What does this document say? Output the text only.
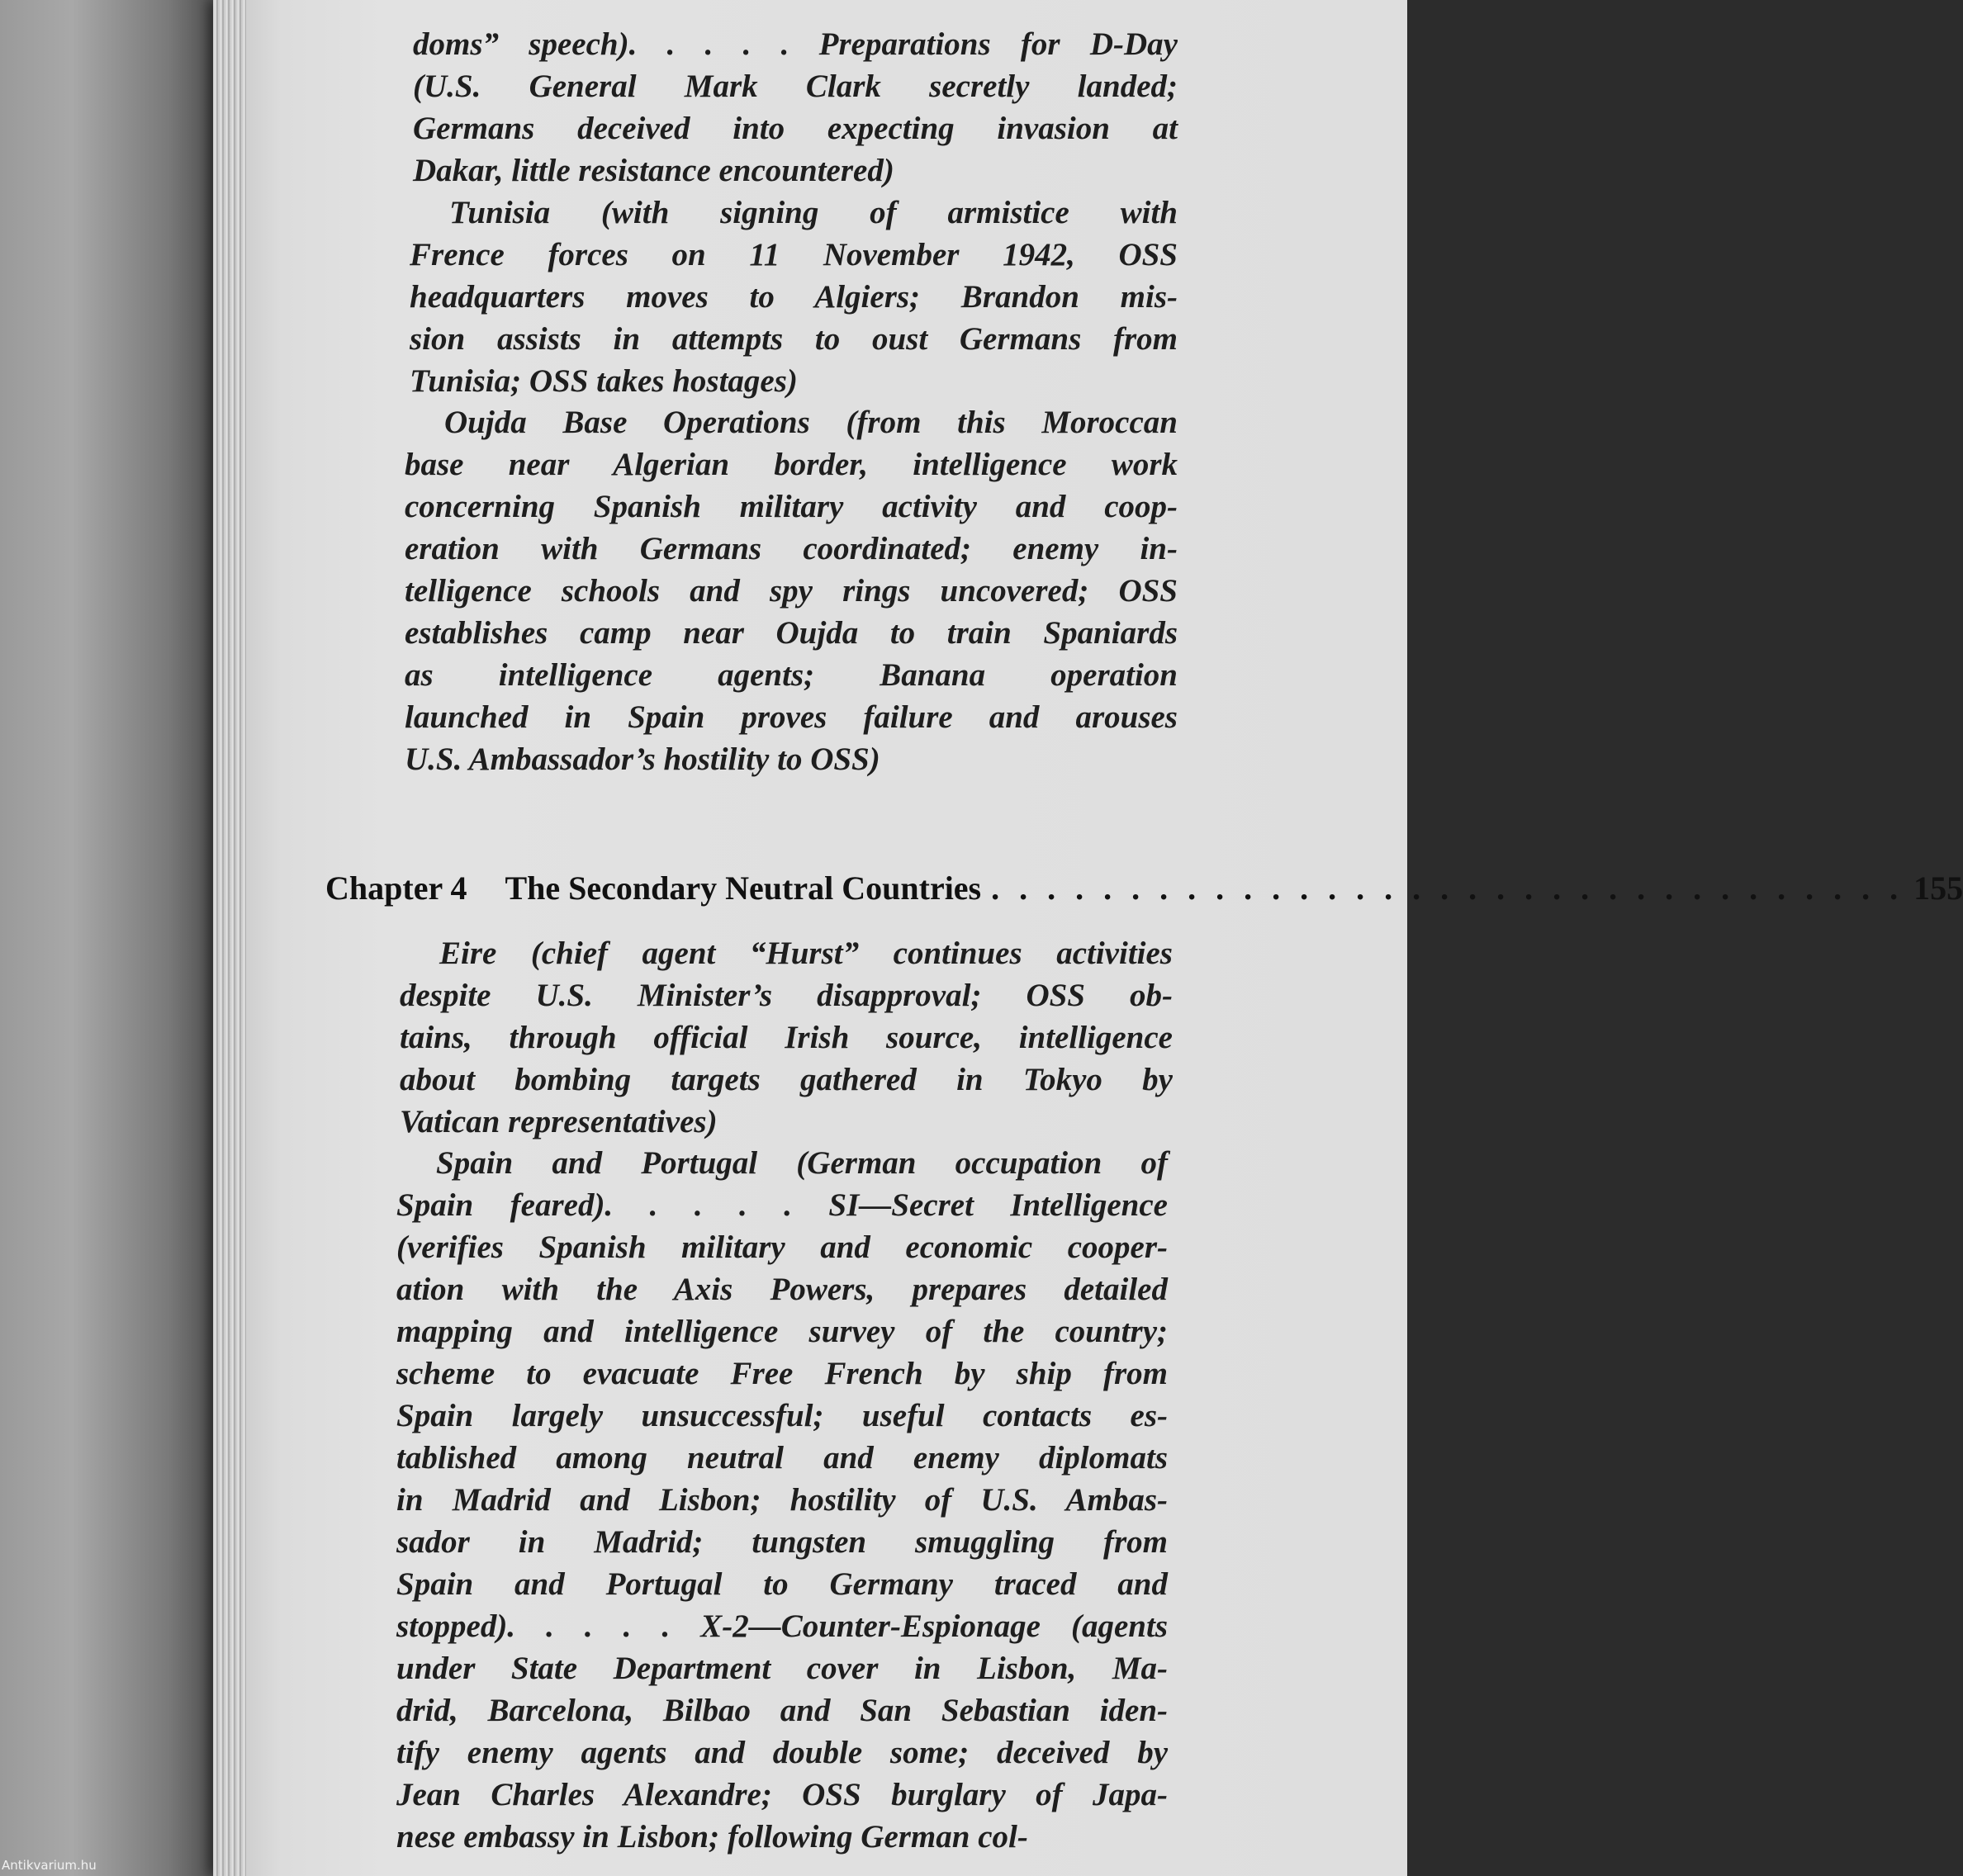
doms” speech). . . . . Preparations for D-Day
(U.S. General Mark Clark secretly landed;
Germans deceived into expecting invasion at
Dakar, little resistance encountered)
Tunisia (with signing of armistice with
Frence forces on 11 November 1942, OSS
headquarters moves to Algiers; Brandon mis-
sion assists in attempts to oust Germans from
Tunisia; OSS takes hostages)
Oujda Base Operations (from this Moroccan
base near Algerian border, intelligence work
concerning Spanish military activity and coop-
eration with Germans coordinated; enemy in-
telligence schools and spy rings uncovered; OSS
establishes camp near Oujda to train Spaniards
as intelligence agents; Banana operation
launched in Spain proves failure and arouses
U.S. Ambassador’s hostility to OSS)
Chapter 4 The Secondary Neutral Countries . . . . . . . . . . . . . . . . . . . . . . . . . . . . . . . . . 155
Eire (chief agent “Hurst” continues activities
despite U.S. Minister’s disapproval; OSS ob-
tains, through official Irish source, intelligence
about bombing targets gathered in Tokyo by
Vatican representatives)
Spain and Portugal (German occupation of
Spain feared). . . . . SI—Secret Intelligence
(verifies Spanish military and economic cooper-
ation with the Axis Powers, prepares detailed
mapping and intelligence survey of the country;
scheme to evacuate Free French by ship from
Spain largely unsuccessful; useful contacts es-
tablished among neutral and enemy diplomats
in Madrid and Lisbon; hostility of U.S. Ambas-
sador in Madrid; tungsten smuggling from
Spain and Portugal to Germany traced and
stopped). . . . . X-2—Counter-Espionage (agents
under State Department cover in Lisbon, Ma-
drid, Barcelona, Bilbao and San Sebastian iden-
tify enemy agents and double some; deceived by
Jean Charles Alexandre; OSS burglary of Japa-
nese embassy in Lisbon; following German col-
Antikvarium.hu
